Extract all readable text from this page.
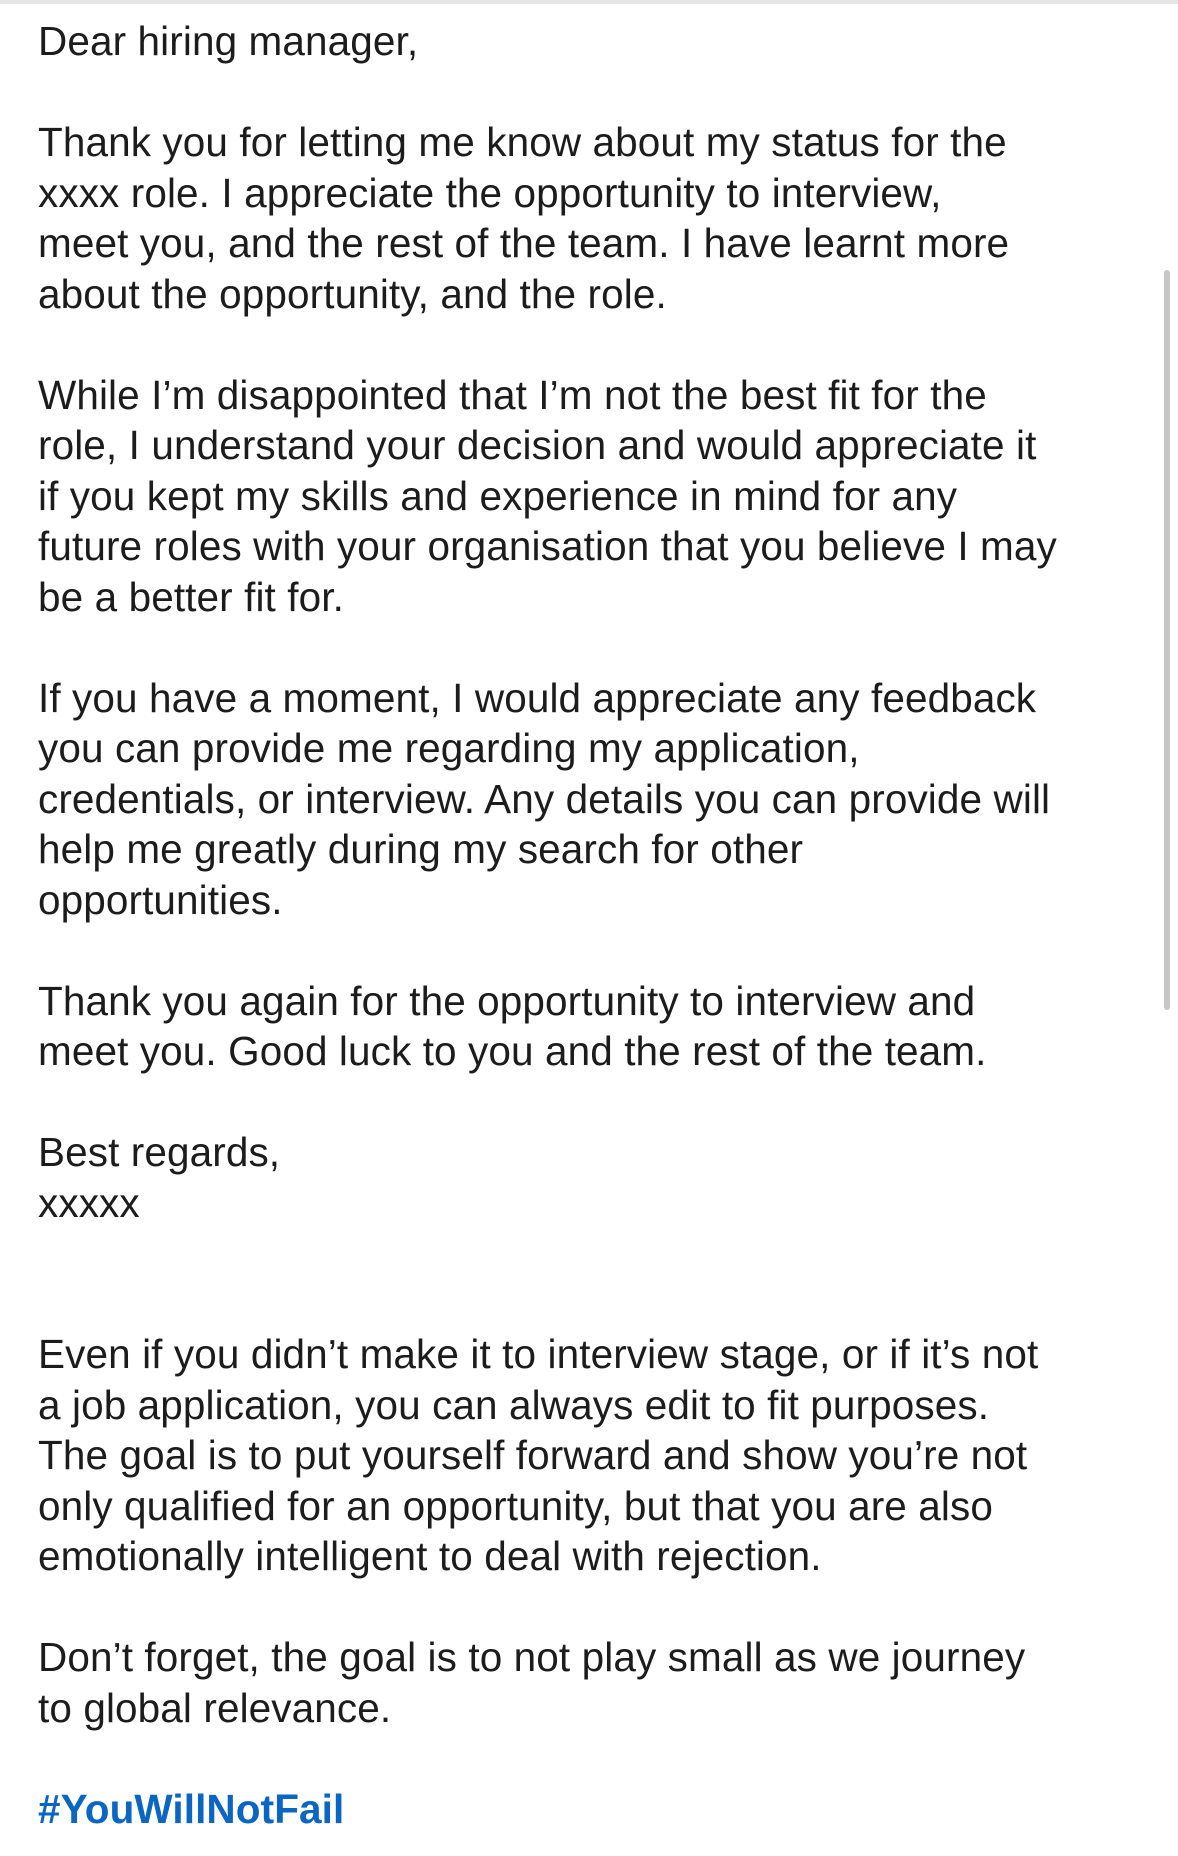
Dear hiring manager,

Thank you for letting me know about my status for the
xxxx role. I appreciate the opportunity to interview,
meet you, and the rest of the team. I have learnt more
about the opportunity, and the role.

While I’m disappointed that I’m not the best fit for the
role, I understand your decision and would appreciate it
if you kept my skills and experience in mind for any
future roles with your organisation that you believe I may
be a better fit for.

If you have a moment, I would appreciate any feedback
you can provide me regarding my application,
credentials, or interview. Any details you can provide will
help me greatly during my search for other
opportunities.

Thank you again for the opportunity to interview and
meet you. Good luck to you and the rest of the team.

Best regards,
xxxxx

Even if you didn’t make it to interview stage, or if it’s not
a job application, you can always edit to fit purposes.
The goal is to put yourself forward and show you’re not
only qualified for an opportunity, but that you are also
emotionally intelligent to deal with rejection.

Don’t forget, the goal is to not play small as we journey
to global relevance.

#YouWillNotFail
